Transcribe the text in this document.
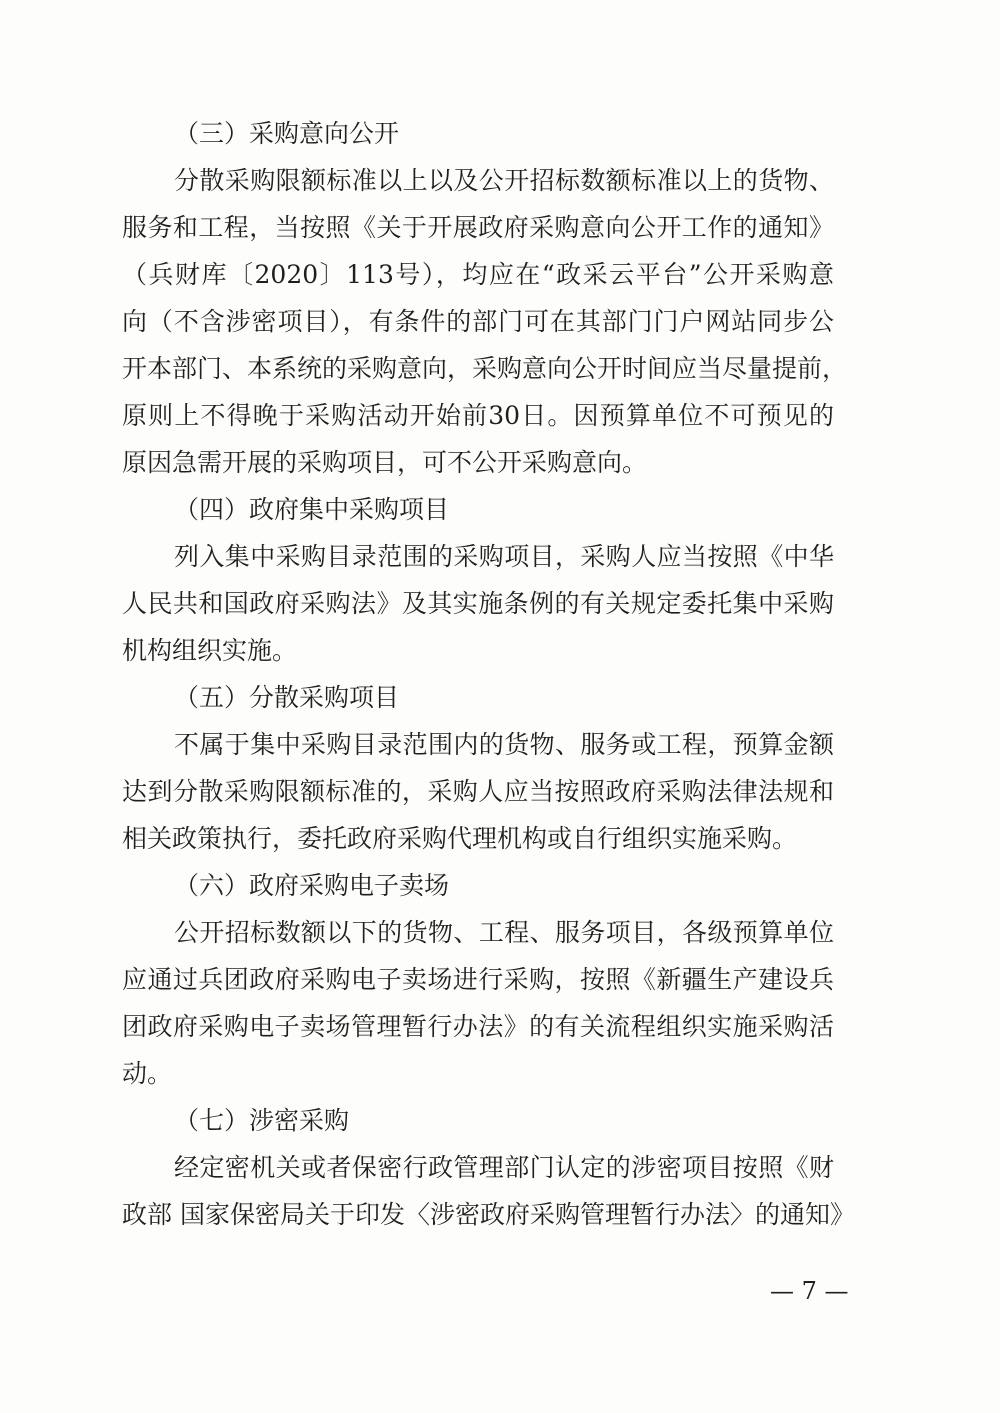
（三）采购意向公开
分散采购限额标准以上以及公开招标数额标准以上的货物、
服务和工程，当按照《关于开展政府采购意向公开工作的通知》
（兵财库〔2020〕113号），均应在“政采云平台”公开采购意
向（不含涉密项目），有条件的部门可在其部门门户网站同步公
开本部门、本系统的采购意向，采购意向公开时间应当尽量提前，
原则上不得晚于采购活动开始前30日。因预算单位不可预见的
原因急需开展的采购项目，可不公开采购意向。
（四）政府集中采购项目
列入集中采购目录范围的采购项目，采购人应当按照《中华
人民共和国政府采购法》及其实施条例的有关规定委托集中采购
机构组织实施。
（五）分散采购项目
不属于集中采购目录范围内的货物、服务或工程，预算金额
达到分散采购限额标准的，采购人应当按照政府采购法律法规和
相关政策执行，委托政府采购代理机构或自行组织实施采购。
（六）政府采购电子卖场
公开招标数额以下的货物、工程、服务项目，各级预算单位
应通过兵团政府采购电子卖场进行采购，按照《新疆生产建设兵
团政府采购电子卖场管理暂行办法》的有关流程组织实施采购活
动。
（七）涉密采购
经定密机关或者保密行政管理部门认定的涉密项目按照《财
政部 国家保密局关于印发〈涉密政府采购管理暂行办法〉的通知》
— 7 —
